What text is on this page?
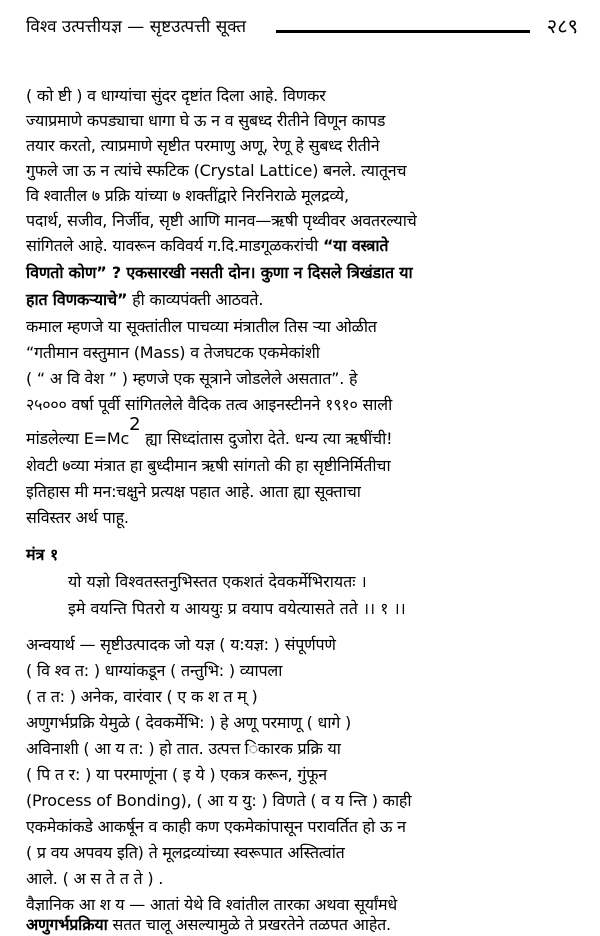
विश्व उत्पत्तीयज्ञ — सृष्टउत्पत्ती सूक्त	२८९
( को ष्टी ) व धाग्यांचा सुंदर दृष्टांत दिला आहे. विणकर
ज्याप्रमाणे कपड्याचा धागा घे ऊ न व सुबध्द रीतीने विणून कापड
तयार करतो, त्याप्रमाणे सृष्टीत परमाणु अणू, रेणू हे सुबध्द रीतीने
गुफले जा ऊ न त्यांचे स्फटिक (Crystal Lattice) बनले. त्यातूनच
वि श्वातील ७ प्रक्रि यांच्या ७ शक्तींद्वारे निरनिराळे मूलद्रव्ये,
पदार्थ, सजीव, निर्जीव, सृष्टी आणि मानव—ऋषी पृथ्वीवर अवतरल्याचे
सांगितले आहे. यावरून कविवर्य ग.दि.माडगूळकरांची “या वस्त्राते
विणतो कोण” ? एकसारखी नसती दोन। कुणा न दिसले त्रिखंडात या
हात विणकऱ्याचे” ही काव्यपंक्ती आठवते.
कमाल म्हणजे या सूक्तांतील पाचव्या मंत्रातील तिस ऱ्या ओळीत
“गतीमान वस्तुमान (Mass) व तेजघटक एकमेकांशी
( “ अ वि वेश ” ) म्हणजे एक सूत्राने जोडलेले असतात”. हे
२५००० वर्षा पूर्वी सांगितलेले वैदिक तत्व आइनस्टीनने १९१० साली
मांडलेल्या E=Mc2 ह्या सिध्दांतास दुजोरा देते. धन्य त्या ऋषींची!
शेवटी ७व्या मंत्रात हा बुध्दीमान ऋषी सांगतो की हा सृष्टीनिर्मितीचा
इतिहास मी मन:चक्षुने प्रत्यक्ष पहात आहे. आता ह्या सूक्ताचा
सविस्तर अर्थ पाहू.
मंत्र १
यो यज्ञो विश्वतस्तनुभिस्तत एकशतं देवकर्मेभिरायतः ।
इमे वयन्ति पितरो य आययुः प्र वयाप वयेत्यासते तते ।। १ ।।
अन्वयार्थ — सृष्टीउत्पादक जो यज्ञ ( य:यज्ञ: ) संपूर्णपणे
( वि श्व त: ) धाग्यांकडून ( तन्तुभि: ) व्यापला
( त त: ) अनेक, वारंवार ( ए क श त म् )
अणुगर्भप्रक्रि येमुळे ( देवकर्मेभि: ) हे अणू परमाणू ( धागे )
अविनाशी ( आ य त: ) हो तात. उत्पत्त िकारक प्रक्रि या
( पि त र: ) या परमाणूंना ( इ ये ) एकत्र करून, गुंफून
(Process of Bonding), ( आ य यु: ) विणते ( व य न्ति ) काही
एकमेकांकडे आकर्षून व काही कण एकमेकांपासून परावर्तित हो ऊ न
( प्र वय अपवय इति) ते मूलद्रव्यांच्या स्वरूपात अस्तित्वांत
आले. ( अ स ते त ते ) .
वैज्ञानिक आ श य — आतां येथे वि श्वांतील तारका अथवा सूर्यांमधे
अणुगर्भप्रक्रिया सतत चालू असल्यामुळे ते प्रखरतेने तळपत आहेत.
